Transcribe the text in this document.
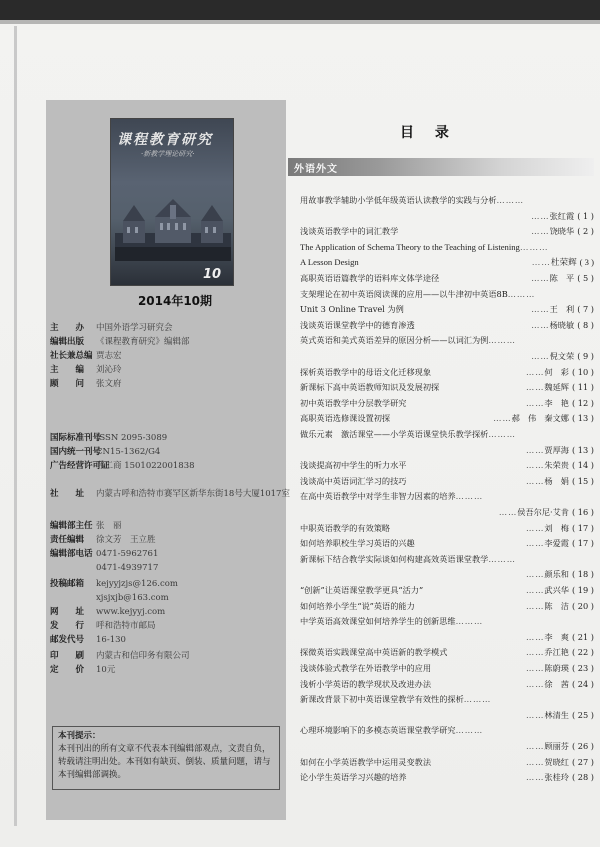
课程教育研究
·新教学理论研究·
10
2014年10期
主　　办 中国外语学习研究会
编辑出版 《课程教育研究》编辑部
社长兼总编 贾志宏
主　　编 刘沁玲
顾　　问 张文府
国际标准刊号ISSN 2095-3089
国内统一刊号CN15-1362/G4
广告经营许可证呼工商 1501022001838
社　　址 内蒙古呼和浩特市赛罕区新华东街18号大厦1017室
编辑部主任 张　丽
责任编辑 徐文芳　王立胜
编辑部电话 0471-5962761
0471-4939717
投稿邮箱 kejyyjzjs@126.com
xjsjxjb@163.com
网　　址 www.kejyyj.com
发　　行 呼和浩特市邮局
邮发代号 16-130
印　　刷 内蒙古和信印务有限公司
定　　价 10元
本刊提示：
本刊刊出的所有文章不代表本刊编辑部观点，文责自负，转载请注明出处。本刊如有缺页、倒装、质量问题，请与本刊编辑部调换。
目 录
外语外文
用故事教学辅助小学低年级英语认读教学的实践与分析………
……张红霞 ( 1 )
浅谈英语教学中的词汇教学	……饶晓华 ( 2 )
The Application of Schema Theory to the Teaching of Listening………
A Lesson Design	……杜荣辉 ( 3 )
高职英语语篇教学的语料库文体学途径	……陈　平 ( 5 )
支架理论在初中英语阅读课的应用——以牛津初中英语8B………
Unit 3 Online Travel 为例	……王　利 ( 7 )
浅谈英语课堂教学中的德育渗透	……杨晓敏 ( 8 )
英式英语和美式英语差异的原因分析——以词汇为例………
……倪文荣 ( 9 )
探析英语教学中的母语文化迁移现象	……何　彩 ( 10 )
新课标下高中英语教师知识及发展初探	……魏延辉 ( 11 )
初中英语教学中分层教学研究	……李　艳 ( 12 )
高职英语选修课设置初探	……郝　伟　秦文娜 ( 13 )
做乐元素　激活课堂——小学英语课堂快乐教学探析………
……贾厚海 ( 13 )
浅谈提高初中学生的听力水平	……朱荣贵 ( 14 )
浅谈高中英语词汇学习的技巧	……杨　娟 ( 15 )
在高中英语教学中对学生非智力因素的培养………
……侯吾尔尼·艾肯 ( 16 )
中职英语教学的有效策略	……刘　梅 ( 17 )
如何培养职校生学习英语的兴趣	……李爱霞 ( 17 )
新课标下结合教学实际谈如何构建高效英语课堂教学………
……颜乐和 ( 18 )
“创新”让英语课堂教学更具“活力”	……武兴华 ( 19 )
如何培养小学生“说”英语的能力	……陈　洁 ( 20 )
中学英语高效课堂如何培养学生的创新思维………
……李　爽 ( 21 )
探微英语实践课堂高中英语新的教学模式	……乔江艳 ( 22 )
浅谈体验式教学在外语教学中的应用	……陈蔚瑛 ( 23 )
浅析小学英语的教学现状及改进办法	……徐　茜 ( 24 )
新课改背景下初中英语课堂教学有效性的探析………
……林清生 ( 25 )
心理环境影响下的多模态英语课堂教学研究………
……顾丽芬 ( 26 )
如何在小学英语教学中运用灵变教法	……贺晓红 ( 27 )
论小学生英语学习兴趣的培养	……张桂玲 ( 28 )
